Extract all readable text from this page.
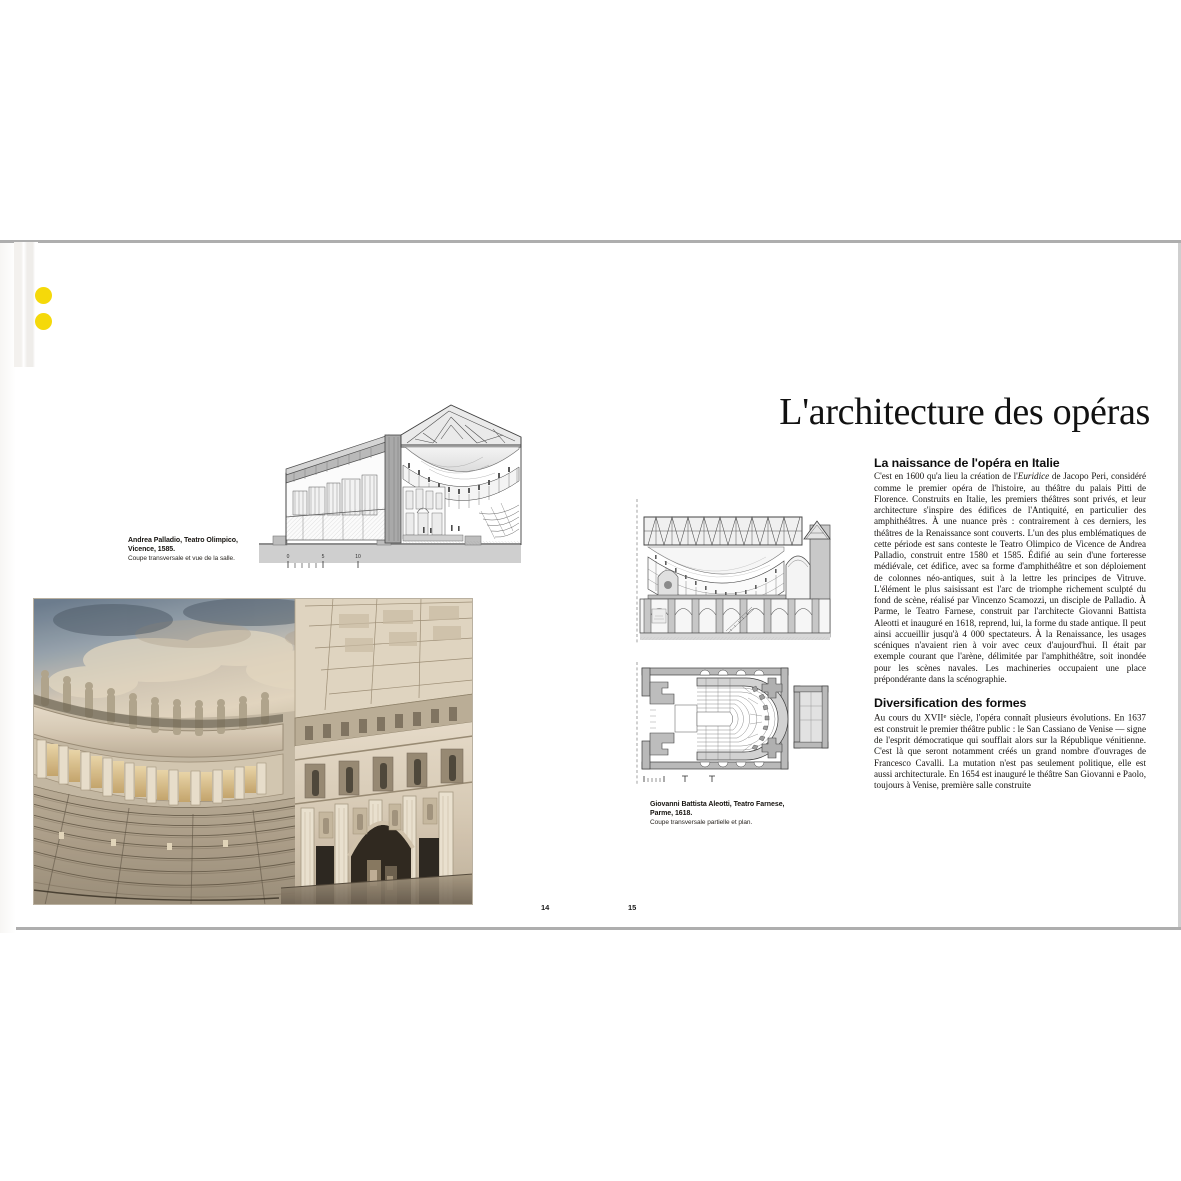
0	5	10
Andrea Palladio, Teatro Olimpico, Vicence, 1585.
Coupe transversale et vue de la salle.
Giovanni Battista Aleotti, Teatro Farnese, Parme, 1618.
Coupe transversale partielle et plan.
L'architecture des opéras
La naissance de l'opéra en Italie

C'est en 1600 qu'a lieu la création de l'Euridice de Jacopo Peri, considéré comme le premier opéra de l'histoire, au théâtre du palais Pitti de Florence. Construits en Italie, les premiers théâtres sont privés, et leur architecture s'inspire des édifices de l'Antiquité, en particulier des amphithéâtres. À une nuance près : contrairement à ces derniers, les théâtres de la Renaissance sont couverts. L'un des plus emblématiques de cette période est sans conteste le Teatro Olimpico de Vicence de Andrea Palladio, construit entre 1580 et 1585. Édifié au sein d'une forteresse médiévale, cet édifice, avec sa forme d'amphithéâtre et son déploiement de colonnes néo-antiques, suit à la lettre les principes de Vitruve. L'élément le plus saisissant est l'arc de triomphe richement sculpté du fond de scène, réalisé par Vincenzo Scamozzi, un disciple de Palladio. À Parme, le Teatro Farnese, construit par l'architecte Giovanni Battista Aleotti et inauguré en 1618, reprend, lui, la forme du stade antique. Il peut ainsi accueillir jusqu'à 4 000 spectateurs. À la Renaissance, les usages scéniques n'avaient rien à voir avec ceux d'aujourd'hui. Il était par exemple courant que l'arène, délimitée par l'amphithéâtre, soit inondée pour les scènes navales. Les machineries occupaient une place prépondérante dans la scénographie.

Diversification des formes

Au cours du XVIIe siècle, l'opéra connaît plusieurs évolutions. En 1637 est construit le premier théâtre public : le San Cassiano de Venise — signe de l'esprit démocratique qui soufflait alors sur la République vénitienne. C'est là que seront notamment créés un grand nombre d'ouvrages de Francesco Cavalli. La mutation n'est pas seulement politique, elle est aussi architecturale. En 1654 est inauguré le théâtre San Giovanni e Paolo, toujours à Venise, première salle construite

14	15
